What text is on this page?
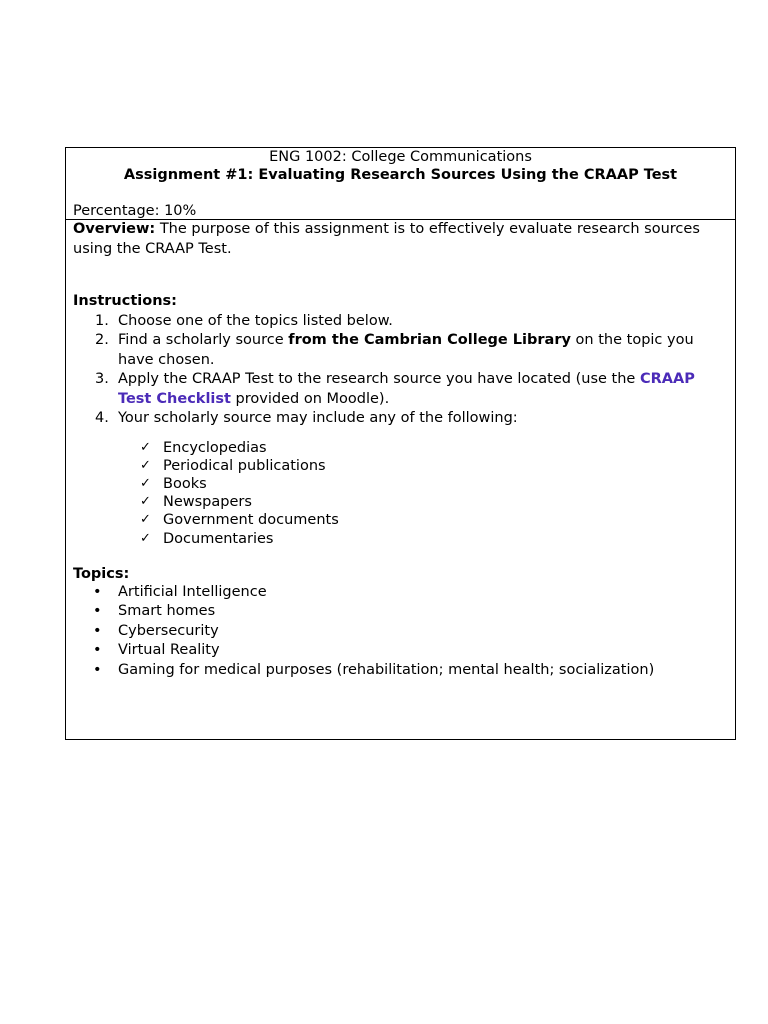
ENG 1002: College Communications
Assignment #1: Evaluating Research Sources Using the CRAAP Test
Percentage: 10%
Overview: The purpose of this assignment is to effectively evaluate research sources using the CRAAP Test.
Instructions:
1. Choose one of the topics listed below.
2. Find a scholarly source from the Cambrian College Library on the topic you have chosen.
3. Apply the CRAAP Test to the research source you have located (use the CRAAP Test Checklist provided on Moodle).
4. Your scholarly source may include any of the following:
✓ Encyclopedias
✓ Periodical publications
✓ Books
✓ Newspapers
✓ Government documents
✓ Documentaries
Topics:
• Artificial Intelligence
• Smart homes
• Cybersecurity
• Virtual Reality
• Gaming for medical purposes (rehabilitation; mental health; socialization)
